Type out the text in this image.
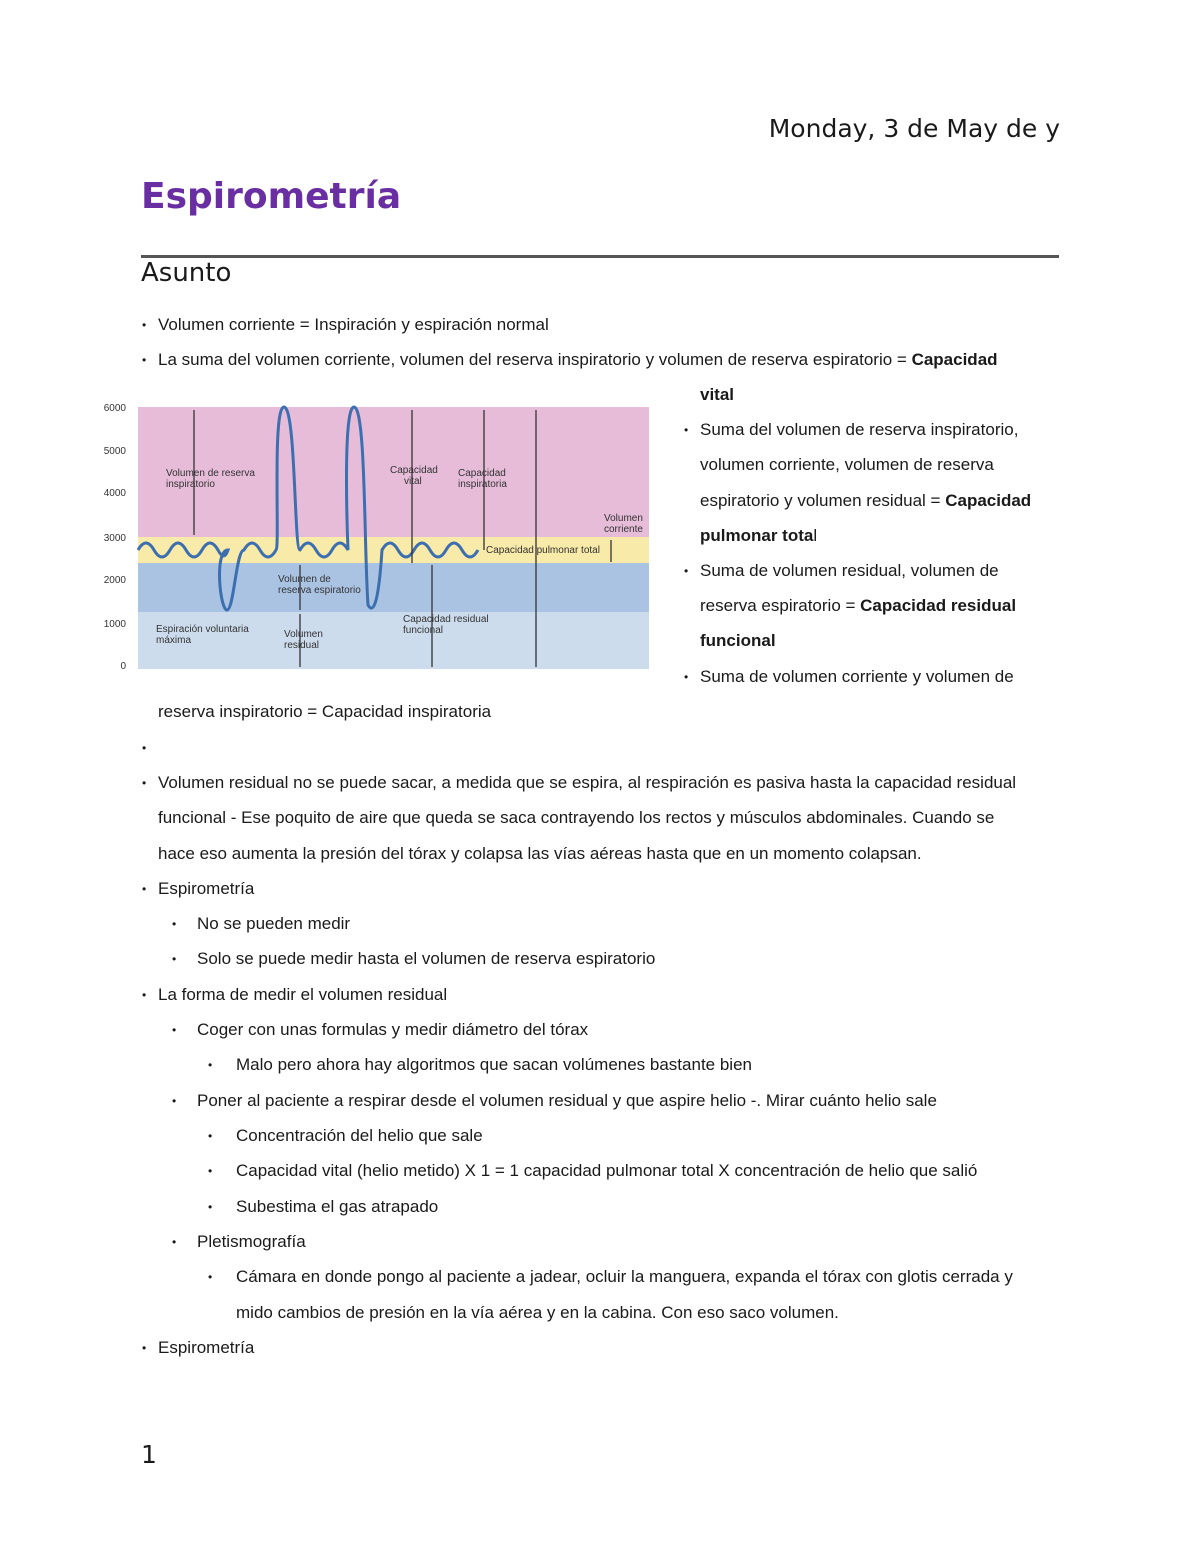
Monday, 3 de May de y
Espirometría
Asunto
• Volumen corriente = Inspiración y espiración normal
• La suma del volumen corriente, volumen del reserva inspiratorio y volumen de reserva espiratorio = Capacidad
vital
6000
5000
4000
3000
2000
1000
0
Volumen de reserva
inspiratorio
Capacidad
vital
Capacidad
inspiratoria
Volumen
corriente
Capacidad pulmonar total
Volumen de
reserva espiratorio
Capacidad residual
funcional
Volumen
residual
Espiración voluntaria
máxima
• Suma del volumen de reserva inspiratorio,
volumen corriente, volumen de reserva
espiratorio y volumen residual = Capacidad
pulmonar total
• Suma de volumen residual, volumen de
reserva espiratorio = Capacidad residual
funcional
• Suma de volumen corriente y volumen de
reserva inspiratorio = Capacidad inspiratoria
•
• Volumen residual no se puede sacar, a medida que se espira, al respiración es pasiva hasta la capacidad residual
funcional - Ese poquito de aire que queda se saca contrayendo los rectos y músculos abdominales. Cuando se
hace eso aumenta la presión del tórax y colapsa las vías aéreas hasta que en un momento colapsan.
• Espirometría
• No se pueden medir
• Solo se puede medir hasta el volumen de reserva espiratorio
• La forma de medir el volumen residual
• Coger con unas formulas y medir diámetro del tórax
• Malo pero ahora hay algoritmos que sacan volúmenes bastante bien
• Poner al paciente a respirar desde el volumen residual y que aspire helio -. Mirar cuánto helio sale
• Concentración del helio que sale
• Capacidad vital (helio metido) X 1 = 1 capacidad pulmonar total X concentración de helio que salió
• Subestima el gas atrapado
• Pletismografía
• Cámara en donde pongo al paciente a jadear, ocluir la manguera, expanda el tórax con glotis cerrada y
mido cambios de presión en la vía aérea y en la cabina. Con eso saco volumen.
• Espirometría
1
